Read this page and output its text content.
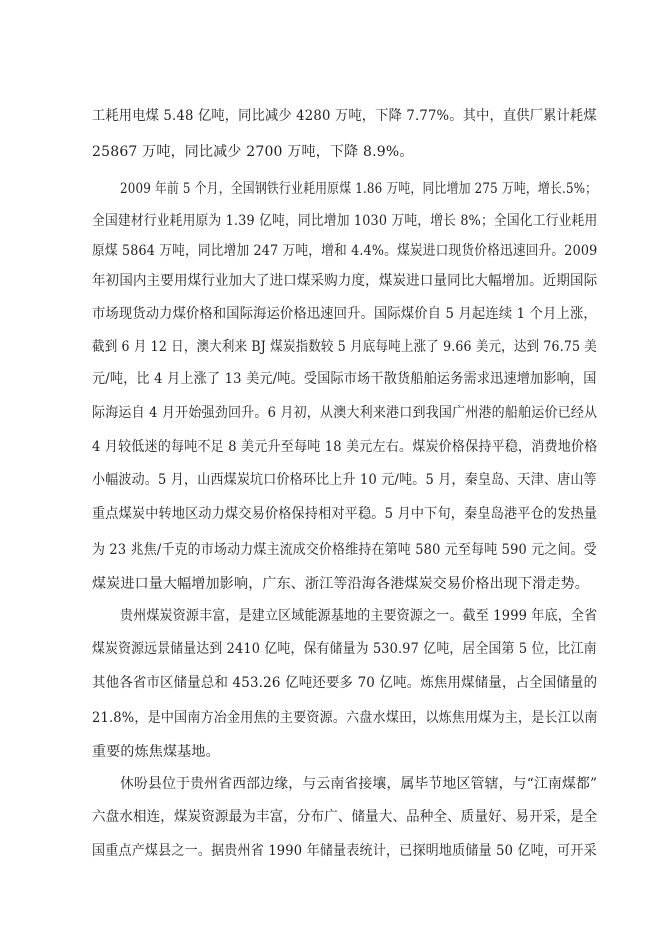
工耗用电煤 5.48 亿吨，同比减少 4280 万吨，下降 7.77%。其中，直供厂累计耗煤
25867 万吨，同比减少 2700 万吨，下降 8.9%。
2009 年前 5 个月，全国钢铁行业耗用原煤 1.86 万吨，同比增加 275 万吨，增长.5%；
全国建材行业耗用原为 1.39 亿吨，同比增加 1030 万吨，增长 8%；全国化工行业耗用
原煤 5864 万吨，同比增加 247 万吨，增和 4.4%。煤炭进口现货价格迅速回升。2009
年初国内主要用煤行业加大了进口煤采购力度，煤炭进口量同比大幅增加。近期国际
市场现货动力煤价格和国际海运价格迅速回升。国际煤价自 5 月起连续 1 个月上涨，
截到 6 月 12 日，澳大利来 BJ 煤炭指数较 5 月底每吨上涨了 9.66 美元，达到 76.75 美
元/吨，比 4 月上涨了 13 美元/吨。受国际市场干散货船舶运务需求迅速增加影响，国
际海运自 4 月开始强劲回升。6 月初，从澳大利来港口到我国广州港的船舶运价已经从
4 月较低迷的每吨不足 8 美元升至每吨 18 美元左右。煤炭价格保持平稳，消费地价格
小幅波动。5 月，山西煤炭坑口价格环比上升 10 元/吨。5 月，秦皇岛、天津、唐山等
重点煤炭中转地区动力煤交易价格保持相对平稳。5 月中下旬，秦皇岛港平仓的发热量
为 23 兆焦/千克的市场动力煤主流成交价格维持在第吨 580 元至每吨 590 元之间。受
煤炭进口量大幅增加影响，广东、浙江等沿海各港煤炭交易价格出现下滑走势。
贵州煤炭资源丰富，是建立区域能源基地的主要资源之一。截至 1999 年底，全省
煤炭资源远景储量达到 2410 亿吨，保有储量为 530.97 亿吨，居全国第 5 位，比江南
其他各省市区储量总和 453.26 亿吨还要多 70 亿吨。炼焦用煤储量，占全国储量的
21.8%，是中国南方冶金用焦的主要资源。六盘水煤田，以炼焦用煤为主，是长江以南
重要的炼焦煤基地。
休吩县位于贵州省西部边缘，与云南省接壤，属毕节地区管辖，与“江南煤都”
六盘水相连，煤炭资源最为丰富，分布广、储量大、品种全、质量好、易开采，是全
国重点产煤县之一。据贵州省 1990 年储量表统计，已探明地质储量 50 亿吨，可开采
